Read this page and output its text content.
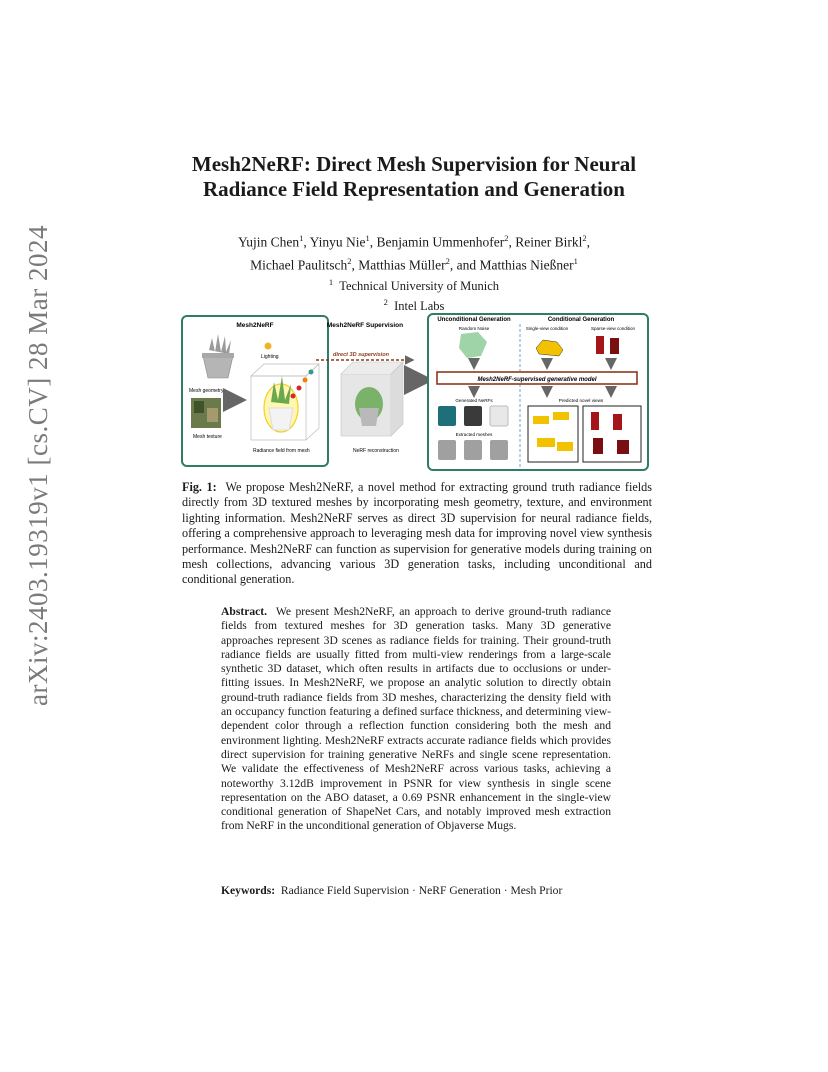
arXiv:2403.19319v1 [cs.CV] 28 Mar 2024
Mesh2NeRF: Direct Mesh Supervision for Neural
Radiance Field Representation and Generation
Yujin Chen$^1$, Yinyu Nie$^1$, Benjamin Ummenhofer$^2$, Reiner Birkl$^2$,
Michael Paulitsch$^2$, Matthias Müller$^2$, and Matthias Nießner$^1$
$^1$ Technical University of Munich
$^2$ Intel Labs
Mesh2NeRF
Mesh geometry
Mesh texture
Lighting
Radiance field from mesh
Mesh2NeRF Supervision
direct 3D supervision
NeRF reconstruction
Unconditional Generation	Conditional Generation
Random Noise	Single-view condition	Sparse-view condition
Mesh2NeRF-supervised generative model
Generated NeRFs
Extracted meshes
Predicted novel views
Fig. 1: We propose Mesh2NeRF, a novel method for extracting ground truth radiance fields directly from 3D textured meshes by incorporating mesh geometry, texture, and environment lighting information. Mesh2NeRF serves as direct 3D supervision for neural radiance fields, offering a comprehensive approach to leveraging mesh data for improving novel view synthesis performance. Mesh2NeRF can function as supervision for generative models during training on mesh collections, advancing various 3D generation tasks, including unconditional and conditional generation.
Abstract. We present Mesh2NeRF, an approach to derive ground-truth radiance fields from textured meshes for 3D generation tasks. Many 3D generative approaches represent 3D scenes as radiance fields for training. Their ground-truth radiance fields are usually fitted from multi-view renderings from a large-scale synthetic 3D dataset, which often results in artifacts due to occlusions or under-fitting issues. In Mesh2NeRF, we propose an analytic solution to directly obtain ground-truth radiance fields from 3D meshes, characterizing the density field with an occupancy function featuring a defined surface thickness, and determining view-dependent color through a reflection function considering both the mesh and environment lighting. Mesh2NeRF extracts accurate radiance fields which provides direct supervision for training generative NeRFs and single scene representation. We validate the effectiveness of Mesh2NeRF across various tasks, achieving a noteworthy 3.12dB improvement in PSNR for view synthesis in single scene representation on the ABO dataset, a 0.69 PSNR enhancement in the single-view conditional generation of ShapeNet Cars, and notably improved mesh extraction from NeRF in the unconditional generation of Objaverse Mugs.
Keywords: Radiance Field Supervision · NeRF Generation · Mesh Prior
